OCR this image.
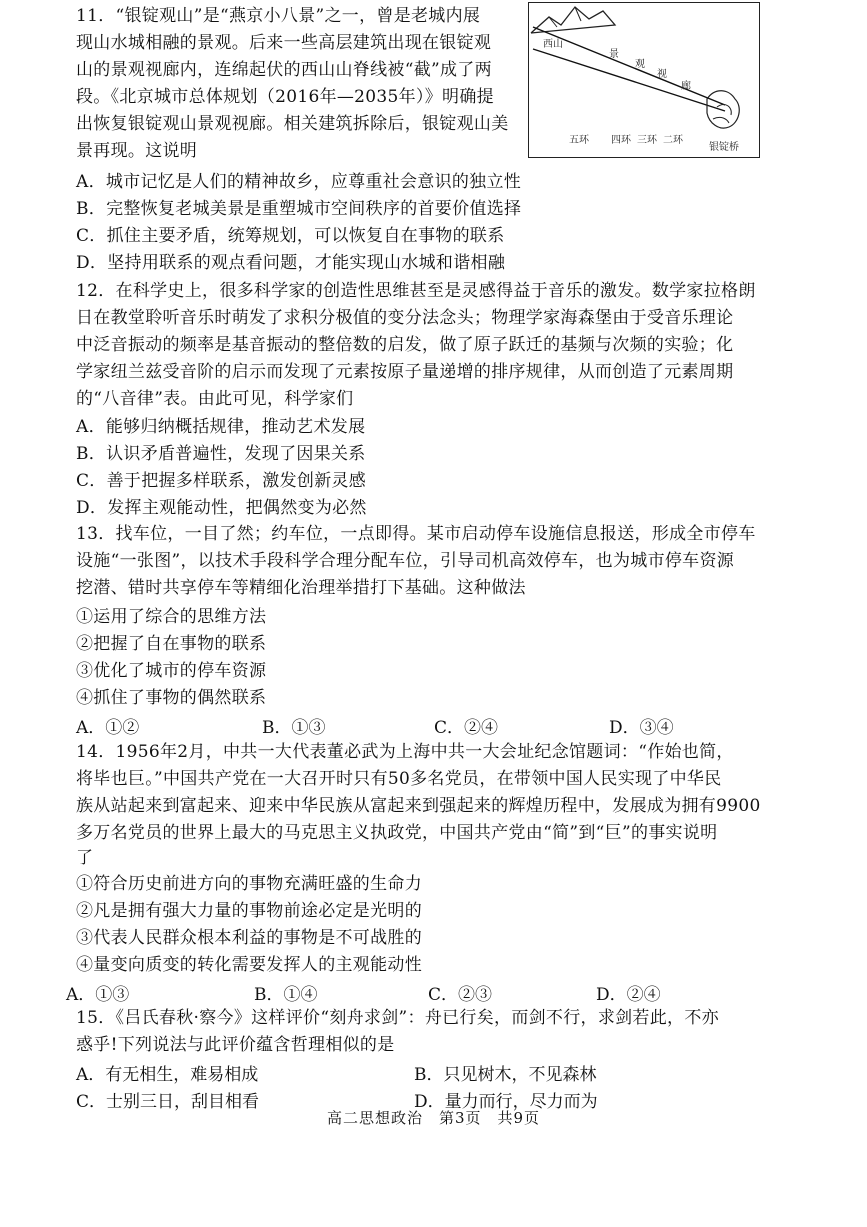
11．“银锭观山”是“燕京小八景”之一，曾是老城内展
现山水城相融的景观。后来一些高层建筑出现在银锭观
山的景观视廊内，连绵起伏的西山山脊线被“截”成了两
段。《北京城市总体规划（2016年—2035年）》明确提
出恢复银锭观山景观视廊。相关建筑拆除后，银锭观山美
景再现。这说明
A．城市记忆是人们的精神故乡，应尊重社会意识的独立性
B．完整恢复老城美景是重塑城市空间秩序的首要价值选择
C．抓住主要矛盾，统筹规划，可以恢复自在事物的联系
D．坚持用联系的观点看问题，才能实现山水城和谐相融
西山
景
观
视
廊
银锭桥
五环 四环 三环 二环
12．在科学史上，很多科学家的创造性思维甚至是灵感得益于音乐的激发。数学家拉格朗
日在教堂聆听音乐时萌发了求积分极值的变分法念头；物理学家海森堡由于受音乐理论
中泛音振动的频率是基音振动的整倍数的启发，做了原子跃迁的基频与次频的实验；化
学家纽兰兹受音阶的启示而发现了元素按原子量递增的排序规律，从而创造了元素周期
的“八音律”表。由此可见，科学家们
A．能够归纳概括规律，推动艺术发展
B．认识矛盾普遍性，发现了因果关系
C．善于把握多样联系，激发创新灵感
D．发挥主观能动性，把偶然变为必然
13．找车位，一目了然；约车位，一点即得。某市启动停车设施信息报送，形成全市停车
设施“一张图”，以技术手段科学合理分配车位，引导司机高效停车，也为城市停车资源
挖潜、错时共享停车等精细化治理举措打下基础。这种做法
①运用了综合的思维方法
②把握了自在事物的联系
③优化了城市的停车资源
④抓住了事物的偶然联系
A．①②	B．①③	C．②④	D．③④
14．1956年2月，中共一大代表董必武为上海中共一大会址纪念馆题词：“作始也简，
将毕也巨。”中国共产党在一大召开时只有50多名党员，在带领中国人民实现了中华民
族从站起来到富起来、迎来中华民族从富起来到强起来的辉煌历程中，发展成为拥有9900
多万名党员的世界上最大的马克思主义执政党，中国共产党由“简”到“巨”的事实说明
了
①符合历史前进方向的事物充满旺盛的生命力
②凡是拥有强大力量的事物前途必定是光明的
③代表人民群众根本利益的事物是不可战胜的
④量变向质变的转化需要发挥人的主观能动性
A．①③	B．①④	C．②③	D．②④
15．《吕氏春秋·察今》这样评价“刻舟求剑”：舟已行矣，而剑不行，求剑若此，不亦
惑乎!下列说法与此评价蕴含哲理相似的是
A．有无相生，难易相成	B．只见树木，不见森林
C．士别三日，刮目相看	D．量力而行，尽力而为
高二思想政治　第3页　共9页
